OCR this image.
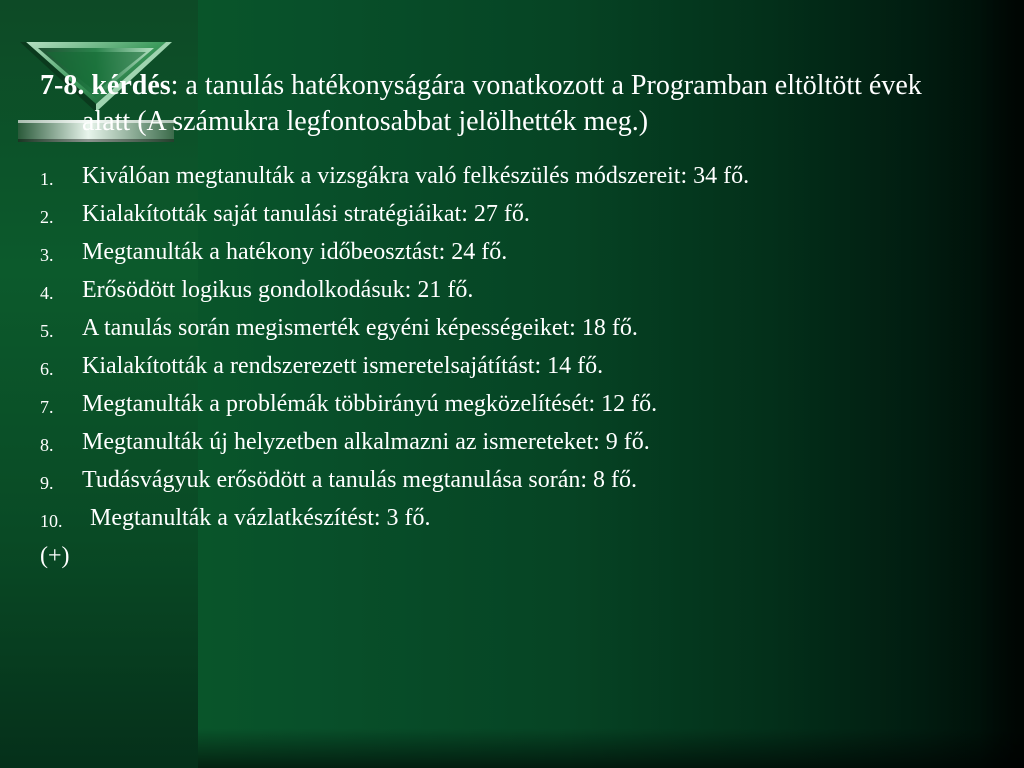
7-8. kérdés: a tanulás hatékonyságára vonatkozott a Programban eltöltött évek alatt (A számukra legfontosabbat jelölhették meg.)

1.	Kiválóan megtanulták a vizsgákra való felkészülés módszereit: 34 fő.
2.	Kialakították saját tanulási stratégiáikat: 27 fő.
3.	Megtanulták a hatékony időbeosztást: 24 fő.
4.	Erősödött logikus gondolkodásuk: 21 fő.
5.	A tanulás során megismerték egyéni képességeiket: 18 fő.
6.	Kialakították a rendszerezett ismeretelsajátítást: 14 fő.
7.	Megtanulták a problémák többirányú megközelítését: 12 fő.
8.	Megtanulták új helyzetben alkalmazni az ismereteket: 9 fő.
9.	Tudásvágyuk erősödött a tanulás megtanulása során: 8 fő.
10.	Megtanulták a vázlatkészítést: 3 fő.
(+)
